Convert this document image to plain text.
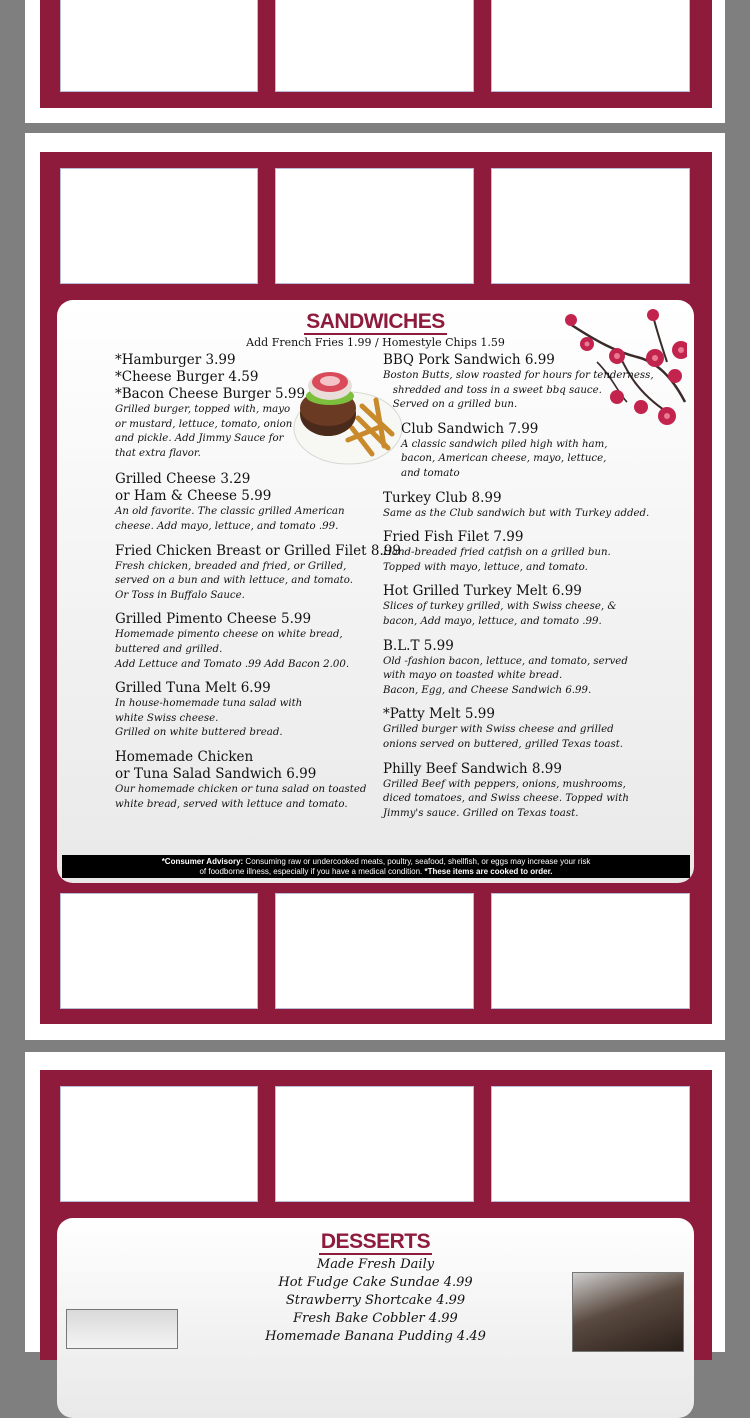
SANDWICHES
Add French Fries 1.99 / Homestyle Chips 1.59
*Hamburger 3.99
*Cheese Burger 4.59
*Bacon Cheese Burger 5.99
Grilled burger, topped with, mayo
or mustard, lettuce, tomato, onion
and pickle. Add Jimmy Sauce for
that extra flavor.
Grilled Cheese 3.29
or Ham & Cheese 5.99
An old favorite. The classic grilled American
cheese. Add mayo, lettuce, and tomato .99.
Fried Chicken Breast or Grilled Filet 8.99
Fresh chicken, breaded and fried, or Grilled,
served on a bun and with lettuce, and tomato.
Or Toss in Buffalo Sauce.
Grilled Pimento Cheese 5.99
Homemade pimento cheese on white bread,
buttered and grilled.
Add Lettuce and Tomato .99 Add Bacon 2.00.
Grilled Tuna Melt 6.99
In house-homemade tuna salad with
white Swiss cheese.
Grilled on white buttered bread.
Homemade Chicken
or Tuna Salad Sandwich 6.99
Our homemade chicken or tuna salad on toasted
white bread, served with lettuce and tomato.
BBQ Pork Sandwich 6.99
Boston Butts, slow roasted for hours for tenderness,
shredded and toss in a sweet bbq sauce.
Served on a grilled bun.
Club Sandwich 7.99
A classic sandwich piled high with ham,
bacon, American cheese, mayo, lettuce,
and tomato
Turkey Club 8.99
Same as the Club sandwich but with Turkey added.
Fried Fish Filet 7.99
Hand-breaded fried catfish on a grilled bun.
Topped with mayo, lettuce, and tomato.
Hot Grilled Turkey Melt 6.99
Slices of turkey grilled, with Swiss cheese, &
bacon, Add mayo, lettuce, and tomato .99.
B.L.T 5.99
Old -fashion bacon, lettuce, and tomato, served
with mayo on toasted white bread.
Bacon, Egg, and Cheese Sandwich 6.99.
*Patty Melt 5.99
Grilled burger with Swiss cheese and grilled
onions served on buttered, grilled Texas toast.
Philly Beef Sandwich 8.99
Grilled Beef with peppers, onions, mushrooms,
diced tomatoes, and Swiss cheese. Topped with
Jimmy's sauce. Grilled on Texas toast.
*Consumer Advisory: Consuming raw or undercooked meats, poultry, seafood, shellfish, or eggs may increase your risk
of foodborne illness, especially if you have a medical condition. *These items are cooked to order.
DESSERTS
Made Fresh Daily
Hot Fudge Cake Sundae 4.99
Strawberry Shortcake 4.99
Fresh Bake Cobbler 4.99
Homemade Banana Pudding 4.49
